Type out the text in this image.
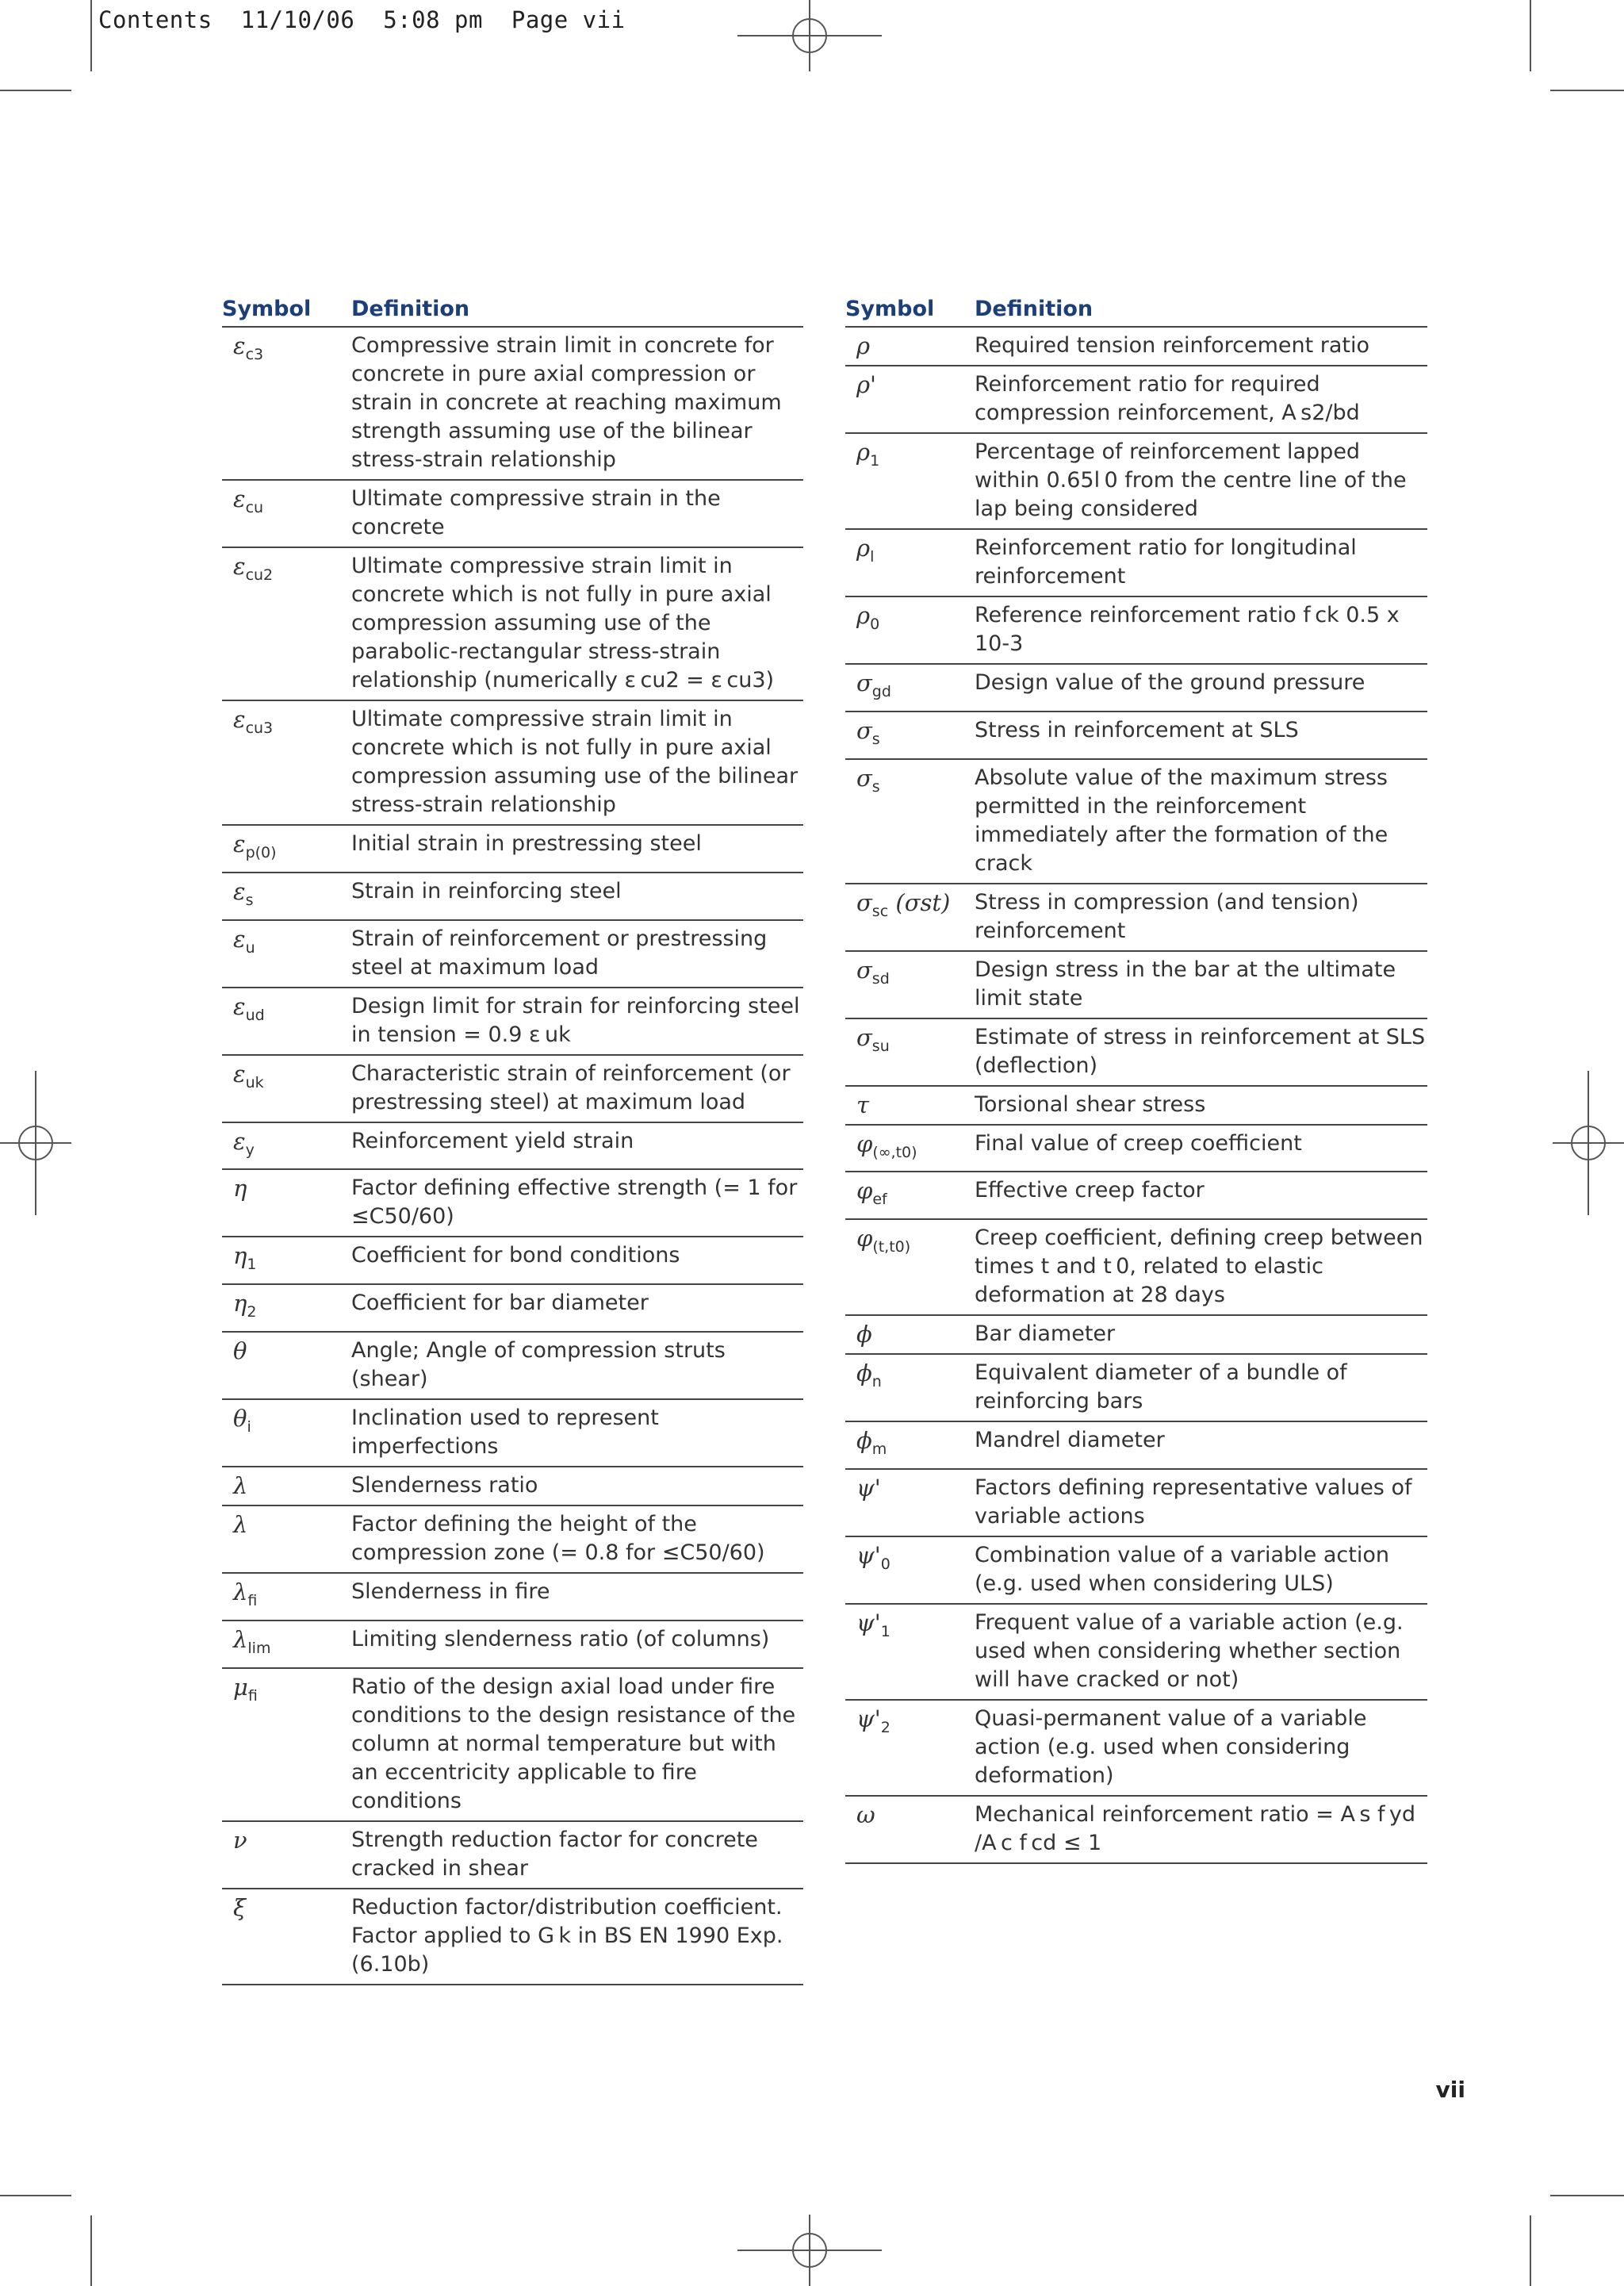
Contents 11/10/06 5:08 pm Page vii
Symbol	Definition
$\varepsilon_{c3}$	Compressive strain limit in concrete for concrete in pure axial compression or strain in concrete at reaching maximum strength assuming use of the bilinear stress-strain relationship
$\varepsilon_{cu}$	Ultimate compressive strain in the concrete
$\varepsilon_{cu2}$	Ultimate compressive strain limit in concrete which is not fully in pure axial compression assuming use of the parabolic-rectangular stress-strain relationship (numerically ε cu2 = ε cu3)
$\varepsilon_{cu3}$	Ultimate compressive strain limit in concrete which is not fully in pure axial compression assuming use of the bilinear stress-strain relationship
$\varepsilon_{p(0)}$	Initial strain in prestressing steel
$\varepsilon_s$	Strain in reinforcing steel
$\varepsilon_u$	Strain of reinforcement or prestressing steel at maximum load
$\varepsilon_{ud}$	Design limit for strain for reinforcing steel in tension = 0.9 ε uk
$\varepsilon_{uk}$	Characteristic strain of reinforcement (or prestressing steel) at maximum load
$\varepsilon_y$	Reinforcement yield strain
η	Factor defining effective strength (= 1 for ≤C50/60)
$\eta_1$	Coefficient for bond conditions
$\eta_2$	Coefficient for bar diameter
θ	Angle; Angle of compression struts (shear)
$\theta_i$	Inclination used to represent imperfections
λ	Slenderness ratio
λ	Factor defining the height of the compression zone (= 0.8 for ≤C50/60)
$\lambda_{fi}$	Slenderness in fire
$\lambda_{lim}$	Limiting slenderness ratio (of columns)
$\mu_{fi}$	Ratio of the design axial load under fire conditions to the design resistance of the column at normal temperature but with an eccentricity applicable to fire conditions
ν	Strength reduction factor for concrete cracked in shear
ξ	Reduction factor/distribution coefficient. Factor applied to G k in BS EN 1990 Exp. (6.10b)
Symbol	Definition
ρ	Required tension reinforcement ratio
ρ'	Reinforcement ratio for required compression reinforcement, A s2/bd
$\rho_1$	Percentage of reinforcement lapped within 0.65l 0 from the centre line of the lap being considered
$\rho_l$	Reinforcement ratio for longitudinal reinforcement
$\rho_0$	Reference reinforcement ratio f ck 0.5 x 10-3
$\sigma_{gd}$	Design value of the ground pressure
$\sigma_s$	Stress in reinforcement at SLS
$\sigma_s$	Absolute value of the maximum stress permitted in the reinforcement immediately after the formation of the crack
$\sigma_{sc}$ (σst)	Stress in compression (and tension) reinforcement
$\sigma_{sd}$	Design stress in the bar at the ultimate limit state
$\sigma_{su}$	Estimate of stress in reinforcement at SLS (deflection)
τ	Torsional shear stress
$\varphi_{(\infty,t0)}$	Final value of creep coefficient
$\varphi_{ef}$	Effective creep factor
$\varphi_{(t,t0)}$	Creep coefficient, defining creep between times t and t 0, related to elastic deformation at 28 days
ϕ	Bar diameter
$\phi_n$	Equivalent diameter of a bundle of reinforcing bars
$\phi_m$	Mandrel diameter
ψ'	Factors defining representative values of variable actions
$\psi'_0$	Combination value of a variable action (e.g. used when considering ULS)
$\psi'_1$	Frequent value of a variable action (e.g. used when considering whether section will have cracked or not)
$\psi'_2$	Quasi-permanent value of a variable action (e.g. used when considering deformation)
ω	Mechanical reinforcement ratio = A s f yd /A c f cd ≤ 1
vii
